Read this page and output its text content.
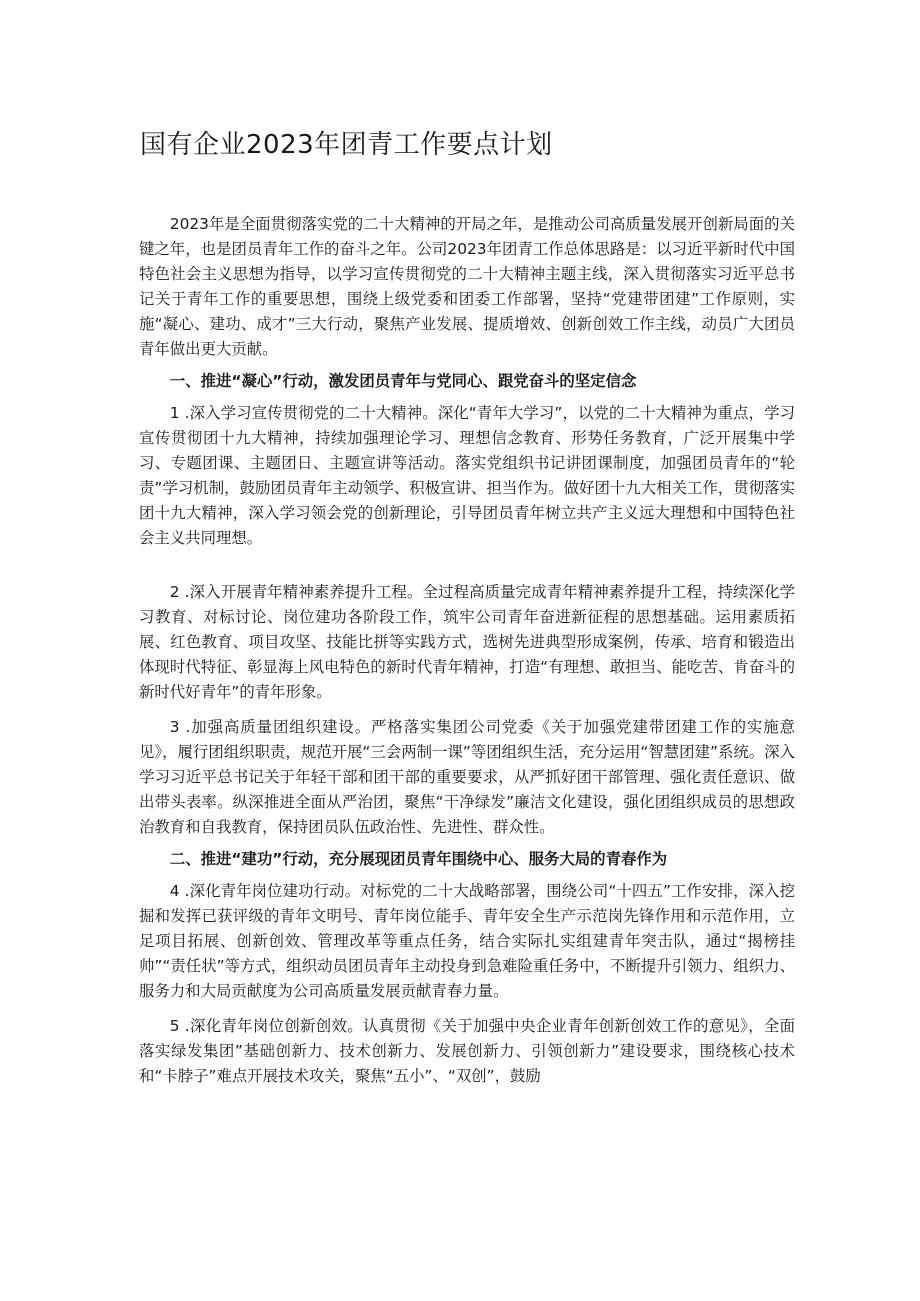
国有企业2023年团青工作要点计划

2023年是全面贯彻落实党的二十大精神的开局之年，是推动公司高质量发展开创新局面的关键之年，也是团员青年工作的奋斗之年。公司2023年团青工作总体思路是：以习近平新时代中国特色社会主义思想为指导，以学习宣传贯彻党的二十大精神主题主线，深入贯彻落实习近平总书记关于青年工作的重要思想，围绕上级党委和团委工作部署，坚持“党建带团建”工作原则，实施“凝心、建功、成才”三大行动，聚焦产业发展、提质增效、创新创效工作主线，动员广大团员青年做出更大贡献。

一、推进“凝心”行动，激发团员青年与党同心、跟党奋斗的坚定信念

1 .深入学习宣传贯彻党的二十大精神。深化“青年大学习”，以党的二十大精神为重点，学习宣传贯彻团十九大精神，持续加强理论学习、理想信念教育、形势任务教育，广泛开展集中学习、专题团课、主题团日、主题宣讲等活动。落实党组织书记讲团课制度，加强团员青年的“轮责”学习机制，鼓励团员青年主动领学、积极宣讲、担当作为。做好团十九大相关工作，贯彻落实团十九大精神，深入学习领会党的创新理论，引导团员青年树立共产主义远大理想和中国特色社会主义共同理想。

2 .深入开展青年精神素养提升工程。全过程高质量完成青年精神素养提升工程，持续深化学习教育、对标讨论、岗位建功各阶段工作，筑牢公司青年奋进新征程的思想基础。运用素质拓展、红色教育、项目攻坚、技能比拼等实践方式，选树先进典型形成案例，传承、培育和锻造出体现时代特征、彰显海上风电特色的新时代青年精神，打造“有理想、敢担当、能吃苦、肯奋斗的新时代好青年”的青年形象。

3 .加强高质量团组织建设。严格落实集团公司党委《关于加强党建带团建工作的实施意见》，履行团组织职责，规范开展“三会两制一课”等团组织生活，充分运用“智慧团建”系统。深入学习习近平总书记关于年轻干部和团干部的重要要求，从严抓好团干部管理、强化责任意识、做出带头表率。纵深推进全面从严治团，聚焦“干净绿发”廉洁文化建设，强化团组织成员的思想政治教育和自我教育，保持团员队伍政治性、先进性、群众性。

二、推进“建功”行动，充分展现团员青年围绕中心、服务大局的青春作为

4 .深化青年岗位建功行动。对标党的二十大战略部署，围绕公司“十四五”工作安排，深入挖掘和发挥已获评级的青年文明号、青年岗位能手、青年安全生产示范岗先锋作用和示范作用，立足项目拓展、创新创效、管理改革等重点任务，结合实际扎实组建青年突击队，通过“揭榜挂帅”“责任状”等方式，组织动员团员青年主动投身到急难险重任务中，不断提升引领力、组织力、服务力和大局贡献度为公司高质量发展贡献青春力量。

5 .深化青年岗位创新创效。认真贯彻《关于加强中央企业青年创新创效工作的意见》，全面落实绿发集团”基础创新力、技术创新力、发展创新力、引领创新力”建设要求，围绕核心技术和“卡脖子”难点开展技术攻关，聚焦“五小”、“双创”，鼓励
